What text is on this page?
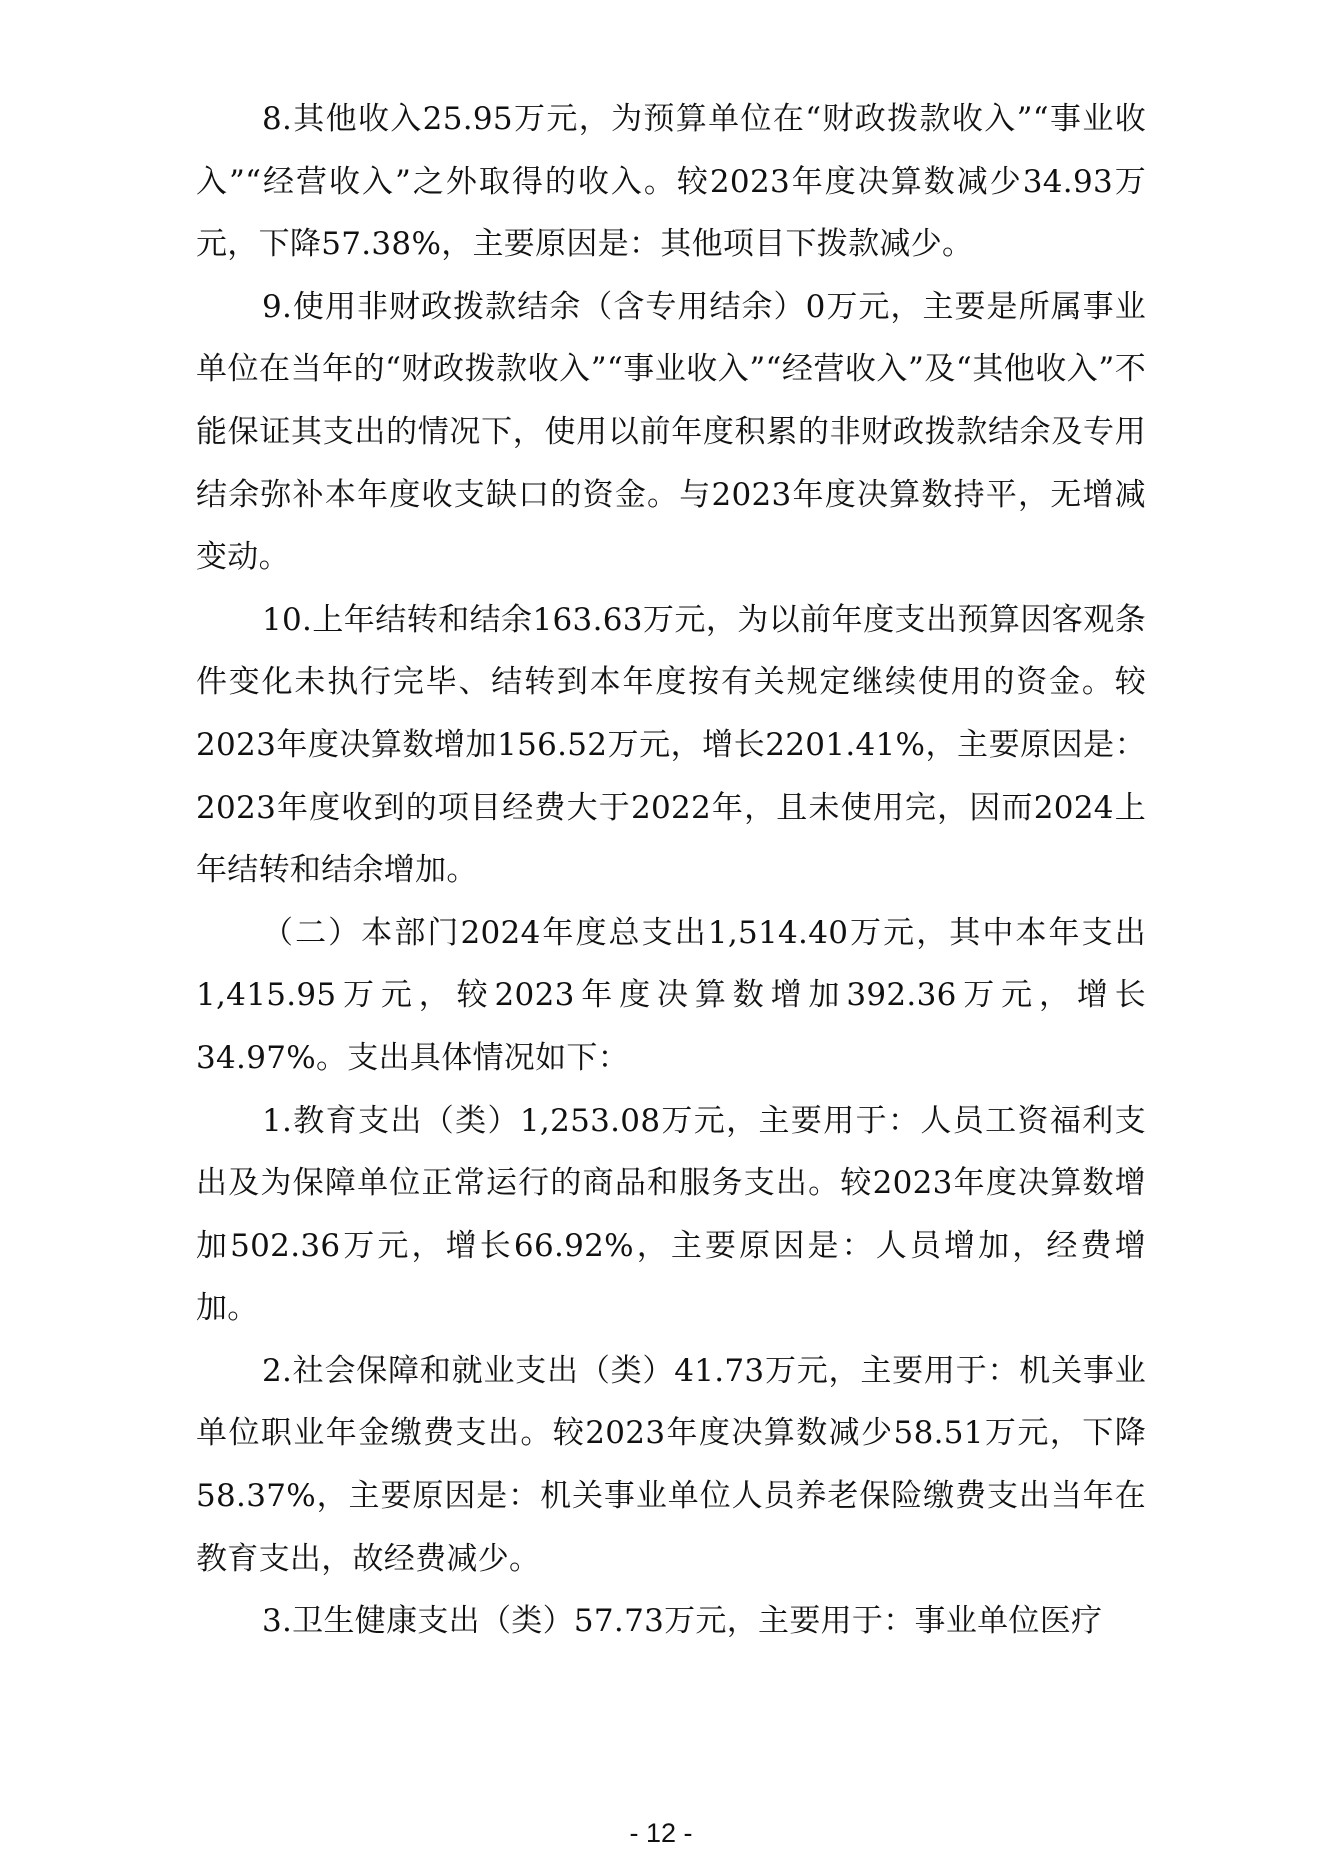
8.其他收入25.95万元，为预算单位在“财政拨款收入”“事业收入”“经营收入”之外取得的收入。较2023年度决算数减少34.93万元，下降57.38%，主要原因是：其他项目下拨款减少。

9.使用非财政拨款结余（含专用结余）0万元，主要是所属事业单位在当年的“财政拨款收入”“事业收入”“经营收入”及“其他收入”不能保证其支出的情况下，使用以前年度积累的非财政拨款结余及专用结余弥补本年度收支缺口的资金。与2023年度决算数持平，无增减变动。

10.上年结转和结余163.63万元，为以前年度支出预算因客观条件变化未执行完毕、结转到本年度按有关规定继续使用的资金。较2023年度决算数增加156.52万元，增长2201.41%，主要原因是：2023年度收到的项目经费大于2022年，且未使用完，因而2024上年结转和结余增加。

（二）本部门2024年度总支出1,514.40万元，其中本年支出1,415.95万元，较2023年度决算数增加392.36万元，增长34.97%。支出具体情况如下：

1.教育支出（类）1,253.08万元，主要用于：人员工资福利支出及为保障单位正常运行的商品和服务支出。较2023年度决算数增加502.36万元，增长66.92%，主要原因是：人员增加，经费增加。

2.社会保障和就业支出（类）41.73万元，主要用于：机关事业单位职业年金缴费支出。较2023年度决算数减少58.51万元，下降58.37%，主要原因是：机关事业单位人员养老保险缴费支出当年在教育支出，故经费减少。

3.卫生健康支出（类）57.73万元，主要用于：事业单位医疗

- 12 -
